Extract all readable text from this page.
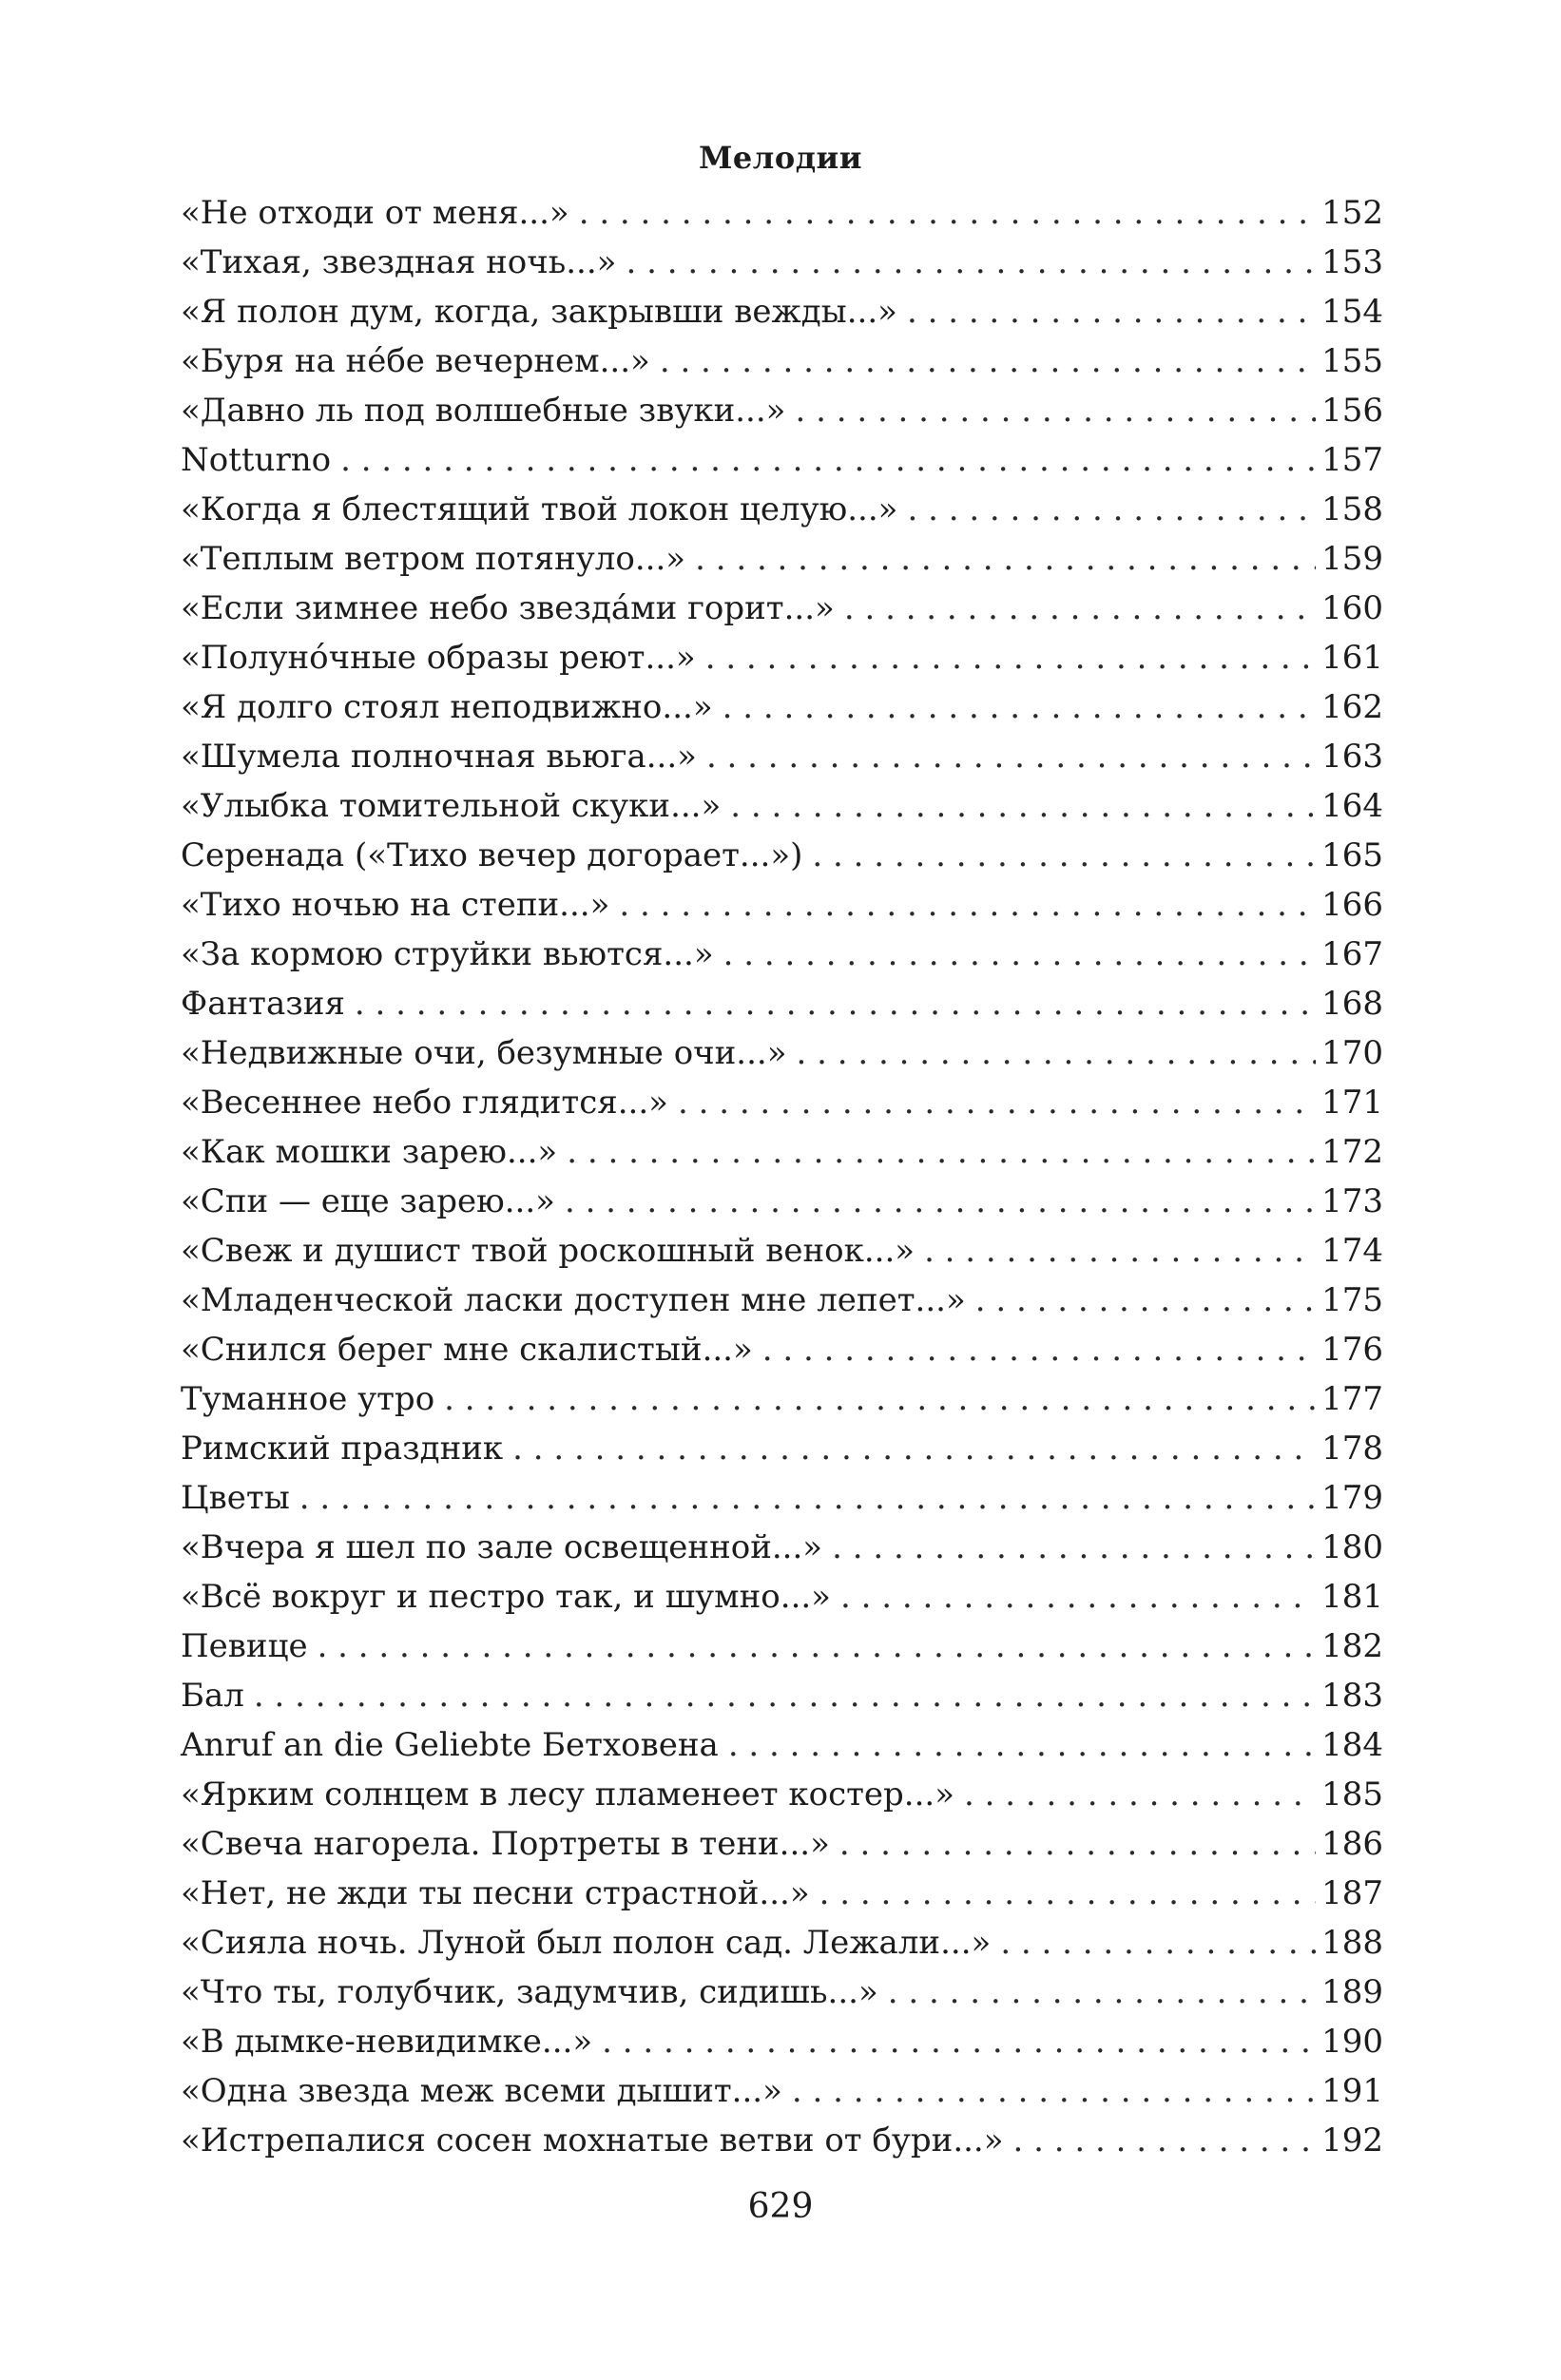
Мелодии
«Не отходи от меня...» . . .	152
«Тихая, звездная ночь...» . . .	153
«Я полон дум, когда, закрывши вежды...» . . .	154
«Буря на нéбе вечернем...» . . .	155
«Давно ль под волшебные звуки...» . . .	156
Notturno . . .	157
«Когда я блестящий твой локон целую...» . . .	158
«Теплым ветром потянуло...» . . .	159
«Если зимнее небо звездáми горит...» . . .	160
«Полунóчные образы реют...» . . .	161
«Я долго стоял неподвижно...» . . .	162
«Шумела полночная вьюга...» . . .	163
«Улыбка томительной скуки...» . . .	164
Серенада («Тихо вечер догорает...») . . .	165
«Тихо ночью на степи...» . . .	166
«За кормою струйки вьются...» . . .	167
Фантазия . . .	168
«Недвижные очи, безумные очи...» . . .	170
«Весеннее небо глядится...» . . .	171
«Как мошки зарею...» . . .	172
«Спи — еще зарею...» . . .	173
«Свеж и душист твой роскошный венок...» . . .	174
«Младенческой ласки доступен мне лепет...» . . .	175
«Снился берег мне скалистый...» . . .	176
Туманное утро . . .	177
Римский праздник . . .	178
Цветы . . .	179
«Вчера я шел по зале освещенной...» . . .	180
«Всё вокруг и пестро так, и шумно...» . . .	181
Певице . . .	182
Бал . . .	183
Anruf an die Geliebte Бетховена . . .	184
«Ярким солнцем в лесу пламенеет костер...» . . .	185
«Свеча нагорела. Портреты в тени...» . . .	186
«Нет, не жди ты песни страстной...» . . .	187
«Сияла ночь. Луной был полон сад. Лежали...» . . .	188
«Что ты, голубчик, задумчив, сидишь...» . . .	189
«В дымке-невидимке...» . . .	190
«Одна звезда меж всеми дышит...» . . .	191
«Истрепалися сосен мохнатые ветви от бури...» . . .	192
629
